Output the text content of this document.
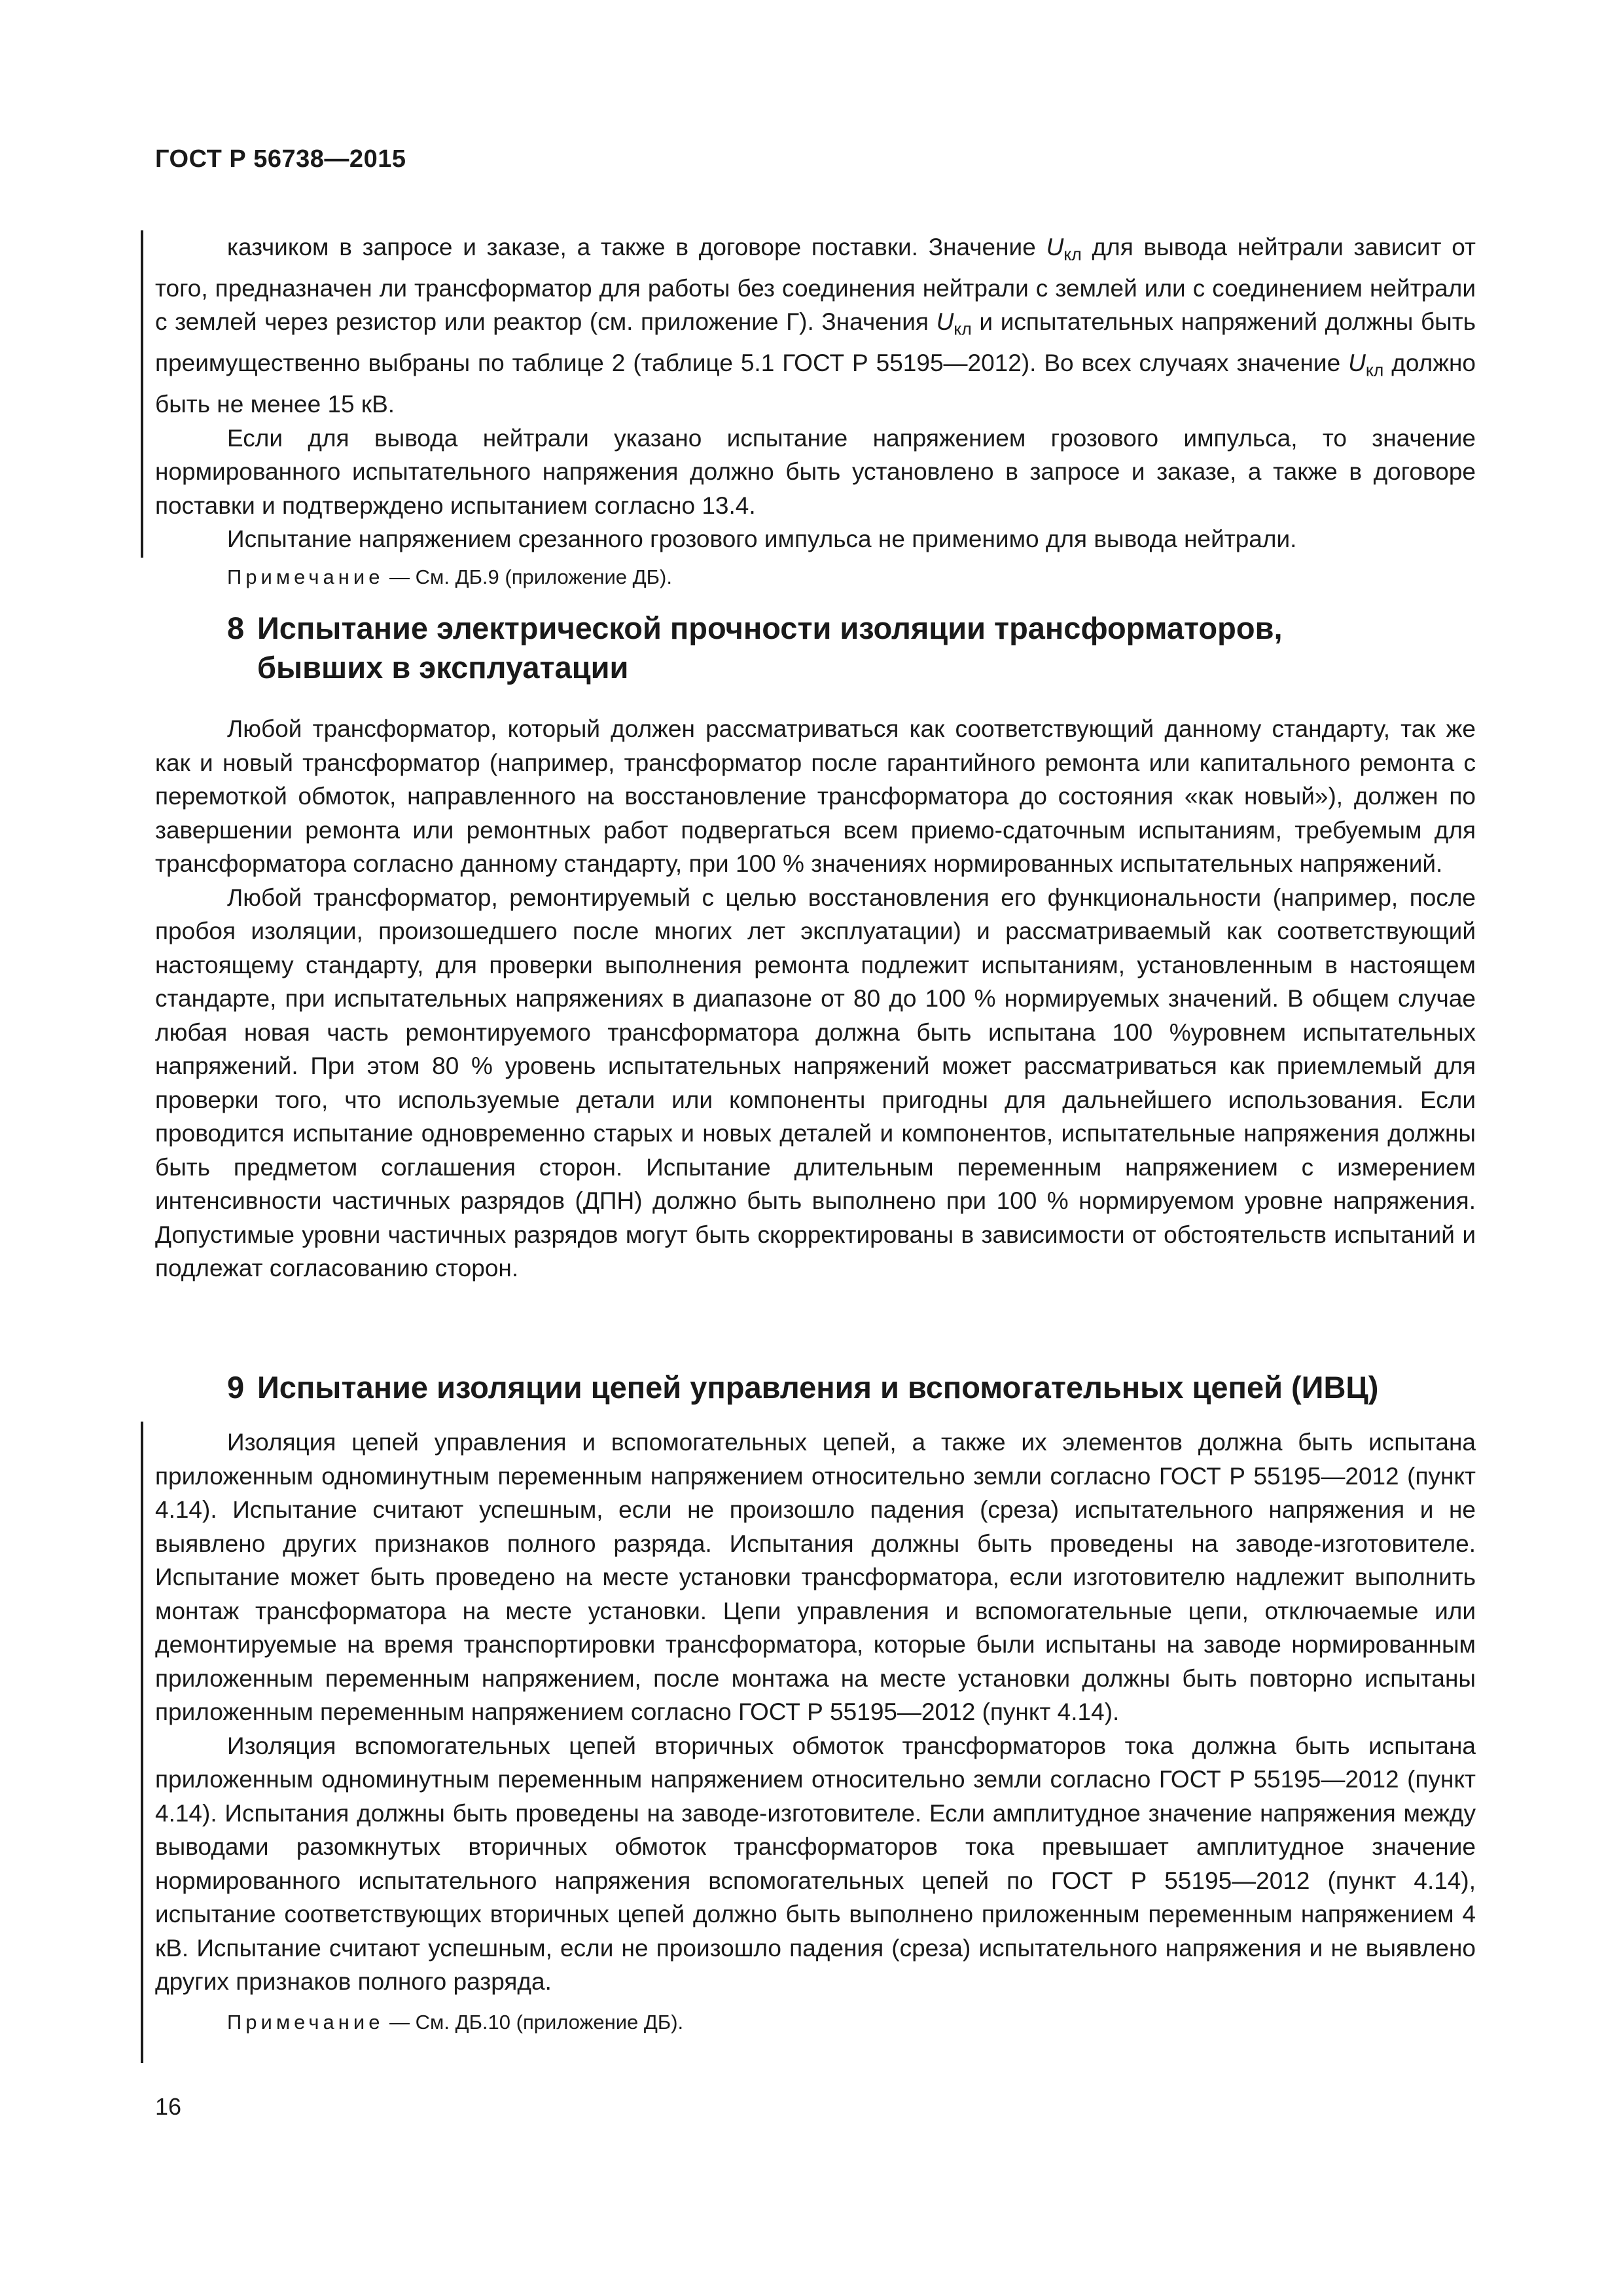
ГОСТ Р 56738—2015

казчиком в запросе и заказе, а также в договоре поставки. Значение $U_{кл}$ для вывода нейтрали зависит от того, предназначен ли трансформатор для работы без соединения нейтрали с землей или с соединением нейтрали с землей через резистор или реактор (см. приложение Г). Значения $U_{кл}$ и испытательных напряжений должны быть преимущественно выбраны по таблице 2 (таблице 5.1 ГОСТ Р 55195—2012). Во всех случаях значение $U_{кл}$ должно быть не менее 15 кВ.

Если для вывода нейтрали указано испытание напряжением грозового импульса, то значение нормированного испытательного напряжения должно быть установлено в запросе и заказе, а также в договоре поставки и подтверждено испытанием согласно 13.4.

Испытание напряжением срезанного грозового импульса не применимо для вывода нейтрали.

Примечание — См. ДБ.9 (приложение ДБ).
8 Испытание электрической прочности изоляции трансформаторов,
бывших в эксплуатации

Любой трансформатор, который должен рассматриваться как соответствующий данному стандарту, так же как и новый трансформатор (например, трансформатор после гарантийного ремонта или капитального ремонта с перемоткой обмоток, направленного на восстановление трансформатора до состояния «как новый»), должен по завершении ремонта или ремонтных работ подвергаться всем приемо-сдаточным испытаниям, требуемым для трансформатора согласно данному стандарту, при 100 % значениях нормированных испытательных напряжений.

Любой трансформатор, ремонтируемый с целью восстановления его функциональности (например, после пробоя изоляции, произошедшего после многих лет эксплуатации) и рассматриваемый как соответствующий настоящему стандарту, для проверки выполнения ремонта подлежит испытаниям, установленным в настоящем стандарте, при испытательных напряжениях в диапазоне от 80 до 100 % нормируемых значений. В общем случае любая новая часть ремонтируемого трансформатора должна быть испытана 100 %уровнем испытательных напряжений. При этом 80 % уровень испытательных напряжений может рассматриваться как приемлемый для проверки того, что используемые детали или компоненты пригодны для дальнейшего использования. Если проводится испытание одновременно старых и новых деталей и компонентов, испытательные напряжения должны быть предметом соглашения сторон. Испытание длительным переменным напряжением с измерением интенсивности частичных разрядов (ДПН) должно быть выполнено при 100 % нормируемом уровне напряжения. Допустимые уровни частичных разрядов могут быть скорректированы в зависимости от обстоятельств испытаний и подлежат согласованию сторон.

9 Испытание изоляции цепей управления и вспомогательных цепей (ИВЦ)

Изоляция цепей управления и вспомогательных цепей, а также их элементов должна быть испытана приложенным одноминутным переменным напряжением относительно земли согласно ГОСТ Р 55195—2012 (пункт 4.14). Испытание считают успешным, если не произошло падения (среза) испытательного напряжения и не выявлено других признаков полного разряда. Испытания должны быть проведены на заводе-изготовителе. Испытание может быть проведено на месте установки трансформатора, если изготовителю надлежит выполнить монтаж трансформатора на месте установки. Цепи управления и вспомогательные цепи, отключаемые или демонтируемые на время транспортировки трансформатора, которые были испытаны на заводе нормированным приложенным переменным напряжением, после монтажа на месте установки должны быть повторно испытаны приложенным переменным напряжением согласно ГОСТ Р 55195—2012 (пункт 4.14).

Изоляция вспомогательных цепей вторичных обмоток трансформаторов тока должна быть испытана приложенным одноминутным переменным напряжением относительно земли согласно ГОСТ Р 55195—2012 (пункт 4.14). Испытания должны быть проведены на заводе-изготовителе. Если амплитудное значение напряжения между выводами разомкнутых вторичных обмоток трансформаторов тока превышает амплитудное значение нормированного испытательного напряжения вспомогательных цепей по ГОСТ Р 55195—2012 (пункт 4.14), испытание соответствующих вторичных цепей должно быть выполнено приложенным переменным напряжением 4 кВ. Испытание считают успешным, если не произошло падения (среза) испытательного напряжения и не выявлено других признаков полного разряда.

Примечание — См. ДБ.10 (приложение ДБ).
16
